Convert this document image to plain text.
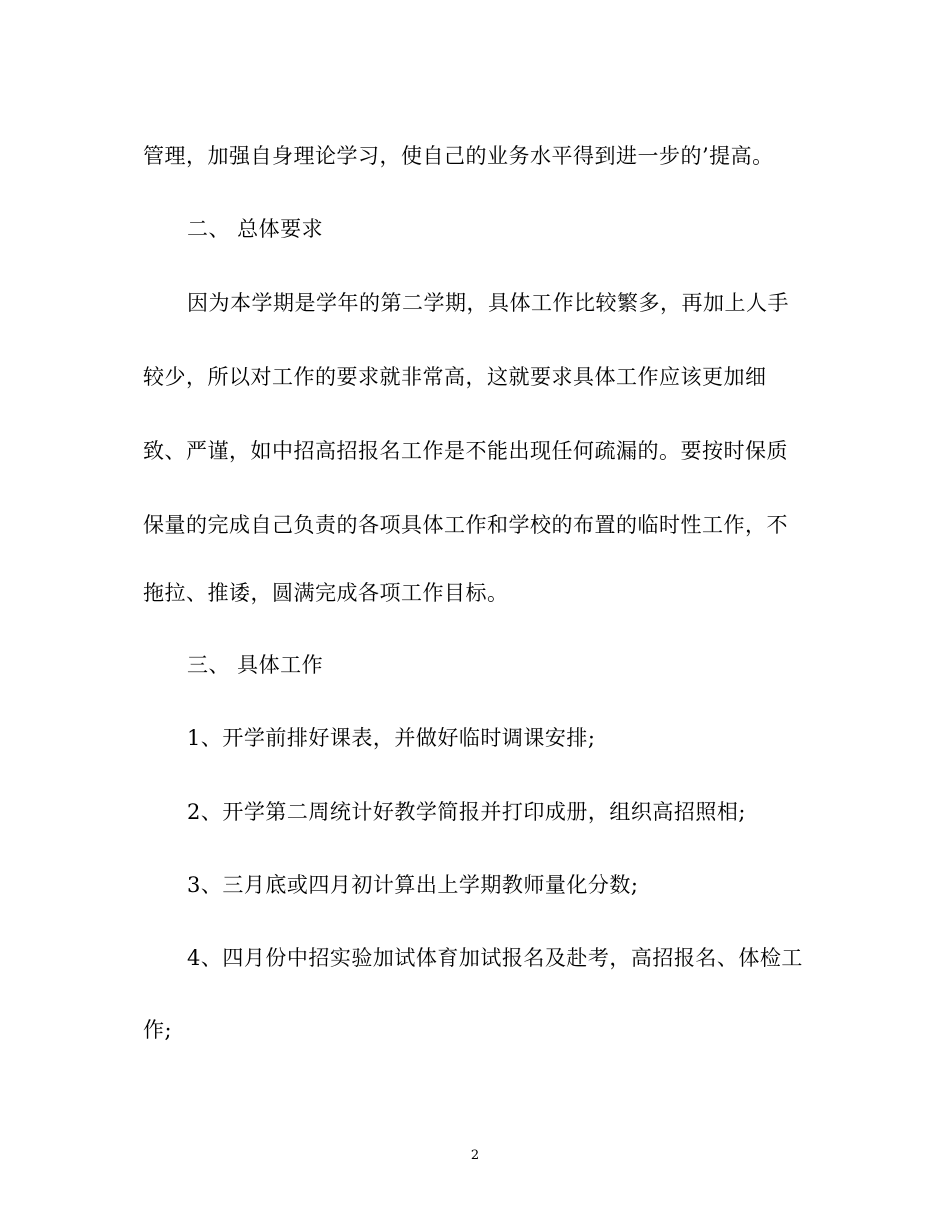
管理，加强自身理论学习，使自己的业务水平得到进一步的’提高。
二、 总体要求
因为本学期是学年的第二学期，具体工作比较繁多，再加上人手
较少，所以对工作的要求就非常高，这就要求具体工作应该更加细
致、严谨，如中招高招报名工作是不能出现任何疏漏的。要按时保质
保量的完成自己负责的各项具体工作和学校的布置的临时性工作，不
拖拉、推诿，圆满完成各项工作目标。
三、 具体工作
1、开学前排好课表，并做好临时调课安排;
2、开学第二周统计好教学简报并打印成册，组织高招照相;
3、三月底或四月初计算出上学期教师量化分数;
4、四月份中招实验加试体育加试报名及赴考，高招报名、体检工
作;
2
